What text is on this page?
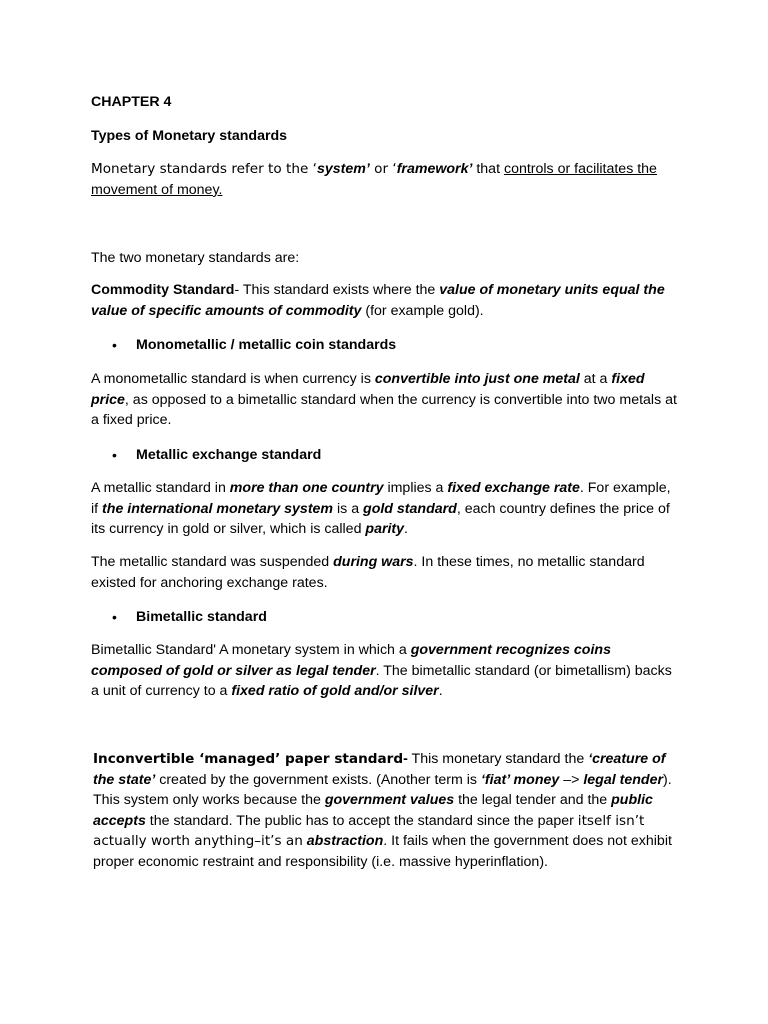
CHAPTER 4

Types of Monetary standards

Monetary standards refer to the ‘system’ or ‘framework’ that controls or facilitates the movement of money.

The two monetary standards are:

Commodity Standard- This standard exists where the value of monetary units equal the value of specific amounts of commodity (for example gold).

• Monometallic / metallic coin standards

A monometallic standard is when currency is convertible into just one metal at a fixed price, as opposed to a bimetallic standard when the currency is convertible into two metals at a fixed price.

• Metallic exchange standard

A metallic standard in more than one country implies a fixed exchange rate. For example, if the international monetary system is a gold standard, each country defines the price of its currency in gold or silver, which is called parity.

The metallic standard was suspended during wars. In these times, no metallic standard existed for anchoring exchange rates.

• Bimetallic standard

Bimetallic Standard' A monetary system in which a government recognizes coins composed of gold or silver as legal tender. The bimetallic standard (or bimetallism) backs a unit of currency to a fixed ratio of gold and/or silver.

Inconvertible ‘managed’ paper standard- This monetary standard the ‘creature of the state’ created by the government exists. (Another term is ‘fiat’ money –> legal tender). This system only works because the government values the legal tender and the public accepts the standard. The public has to accept the standard since the paper itself isn’t actually worth anything–it’s an abstraction. It fails when the government does not exhibit proper economic restraint and responsibility (i.e. massive hyperinflation).
